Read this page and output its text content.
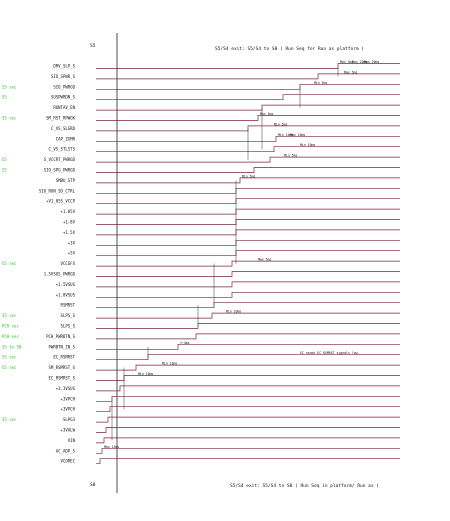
S5
S5/S4 exit: S5/S4 to S0 ( Run Seq for Run as platform )
DRV_SLP_S
SIO_SPWR_S
SIO_PWRGD
S5 sec
SUSPWRDN_S
S5
RUNTAV_EN
SM_RST_RPWGK
S5 sec
C_VS_SLGRD
CAP_ZGMR
C_VS_STLSTS
S_VCCRT_PWRGD
S5
SIO_SPG_PWRGD
S5
SMBU_STP
SIO_RUN_SD_CTRL
+V1_05S_VCCP
+1.05V
+1.8V
+1.5V
+3V
+5V
VCCGFX
S5 sec
1.5VSUS_PWRGD
+1.5VSUS
+1.8VSUS
RSMRST
SLPS_S
S5 sec
SLPS_S
PCH sec
PCH_PWRBTN_S
PCH sec
PWRBTN_IN_S
S5 to S0
EC_RSMRST
S5 sec
SM_RSMRST_S
S5 sec
EC_RSMRST_S
+3.3VSUS
+3VPCH
+3VPCH
SLPG3
S5 sec
+3VALW
VIN
AC_ADP_S
VCOREC
Max 15ms
Min 10ms
Min 10ms
1~4ms
Min 20ms
Max 5ms
Min 5ms
Min 5ms
Min 10ms
Min 10ms
Max 10ms
Min 5ms
Max 5ms
Min 5ms
Max 5ms
Max 3ms
Max 20ms
Max 20ms
EC sends EC_RSMRST signals low.
S0	S5/S4 exit: S5/S4 to S0 ( Run Seq in platform/ Run as )
